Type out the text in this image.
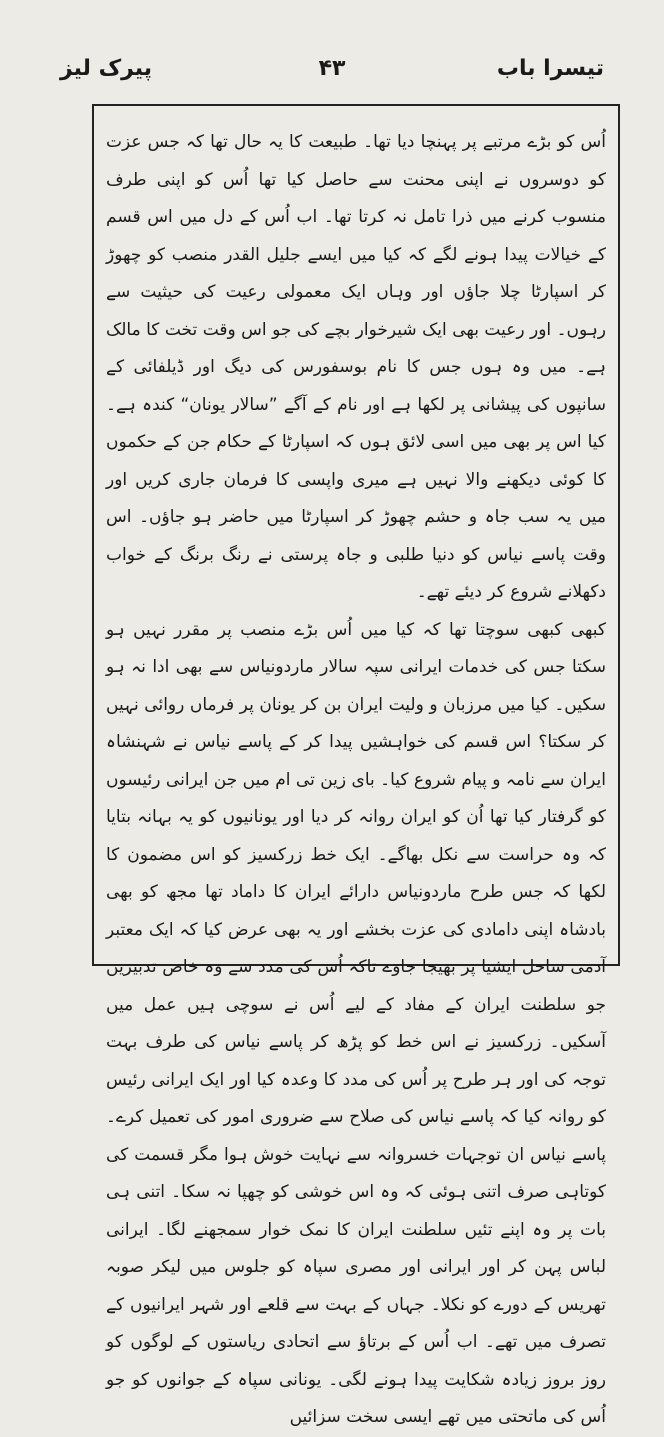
تیسرا باب
۴۳
پیرک لیز

اُس کو بڑے مرتبے پر پہنچا دیا تھا۔ طبیعت کا یہ حال تھا کہ جس عزت کو دوسروں نے اپنی محنت سے حاصل کیا تھا اُس کو اپنی طرف منسوب کرنے میں ذرا تامل نہ کرتا تھا۔ اب اُس کے دل میں اس قسم کے خیالات پیدا ہونے لگے کہ کیا میں ایسے جلیل القدر منصب کو چھوڑ کر اسپارٹا چلا جاؤں اور وہاں ایک معمولی رعیت کی حیثیت سے رہوں۔ اور رعیت بھی ایک شیرخوار بچے کی جو اس وقت تخت کا مالک ہے۔ میں وہ ہوں جس کا نام بوسفورس کی دیگ اور ڈیلفائی کے سانپوں کی پیشانی پر لکھا ہے اور نام کے آگے ”سالار یونان“ کندہ ہے۔ کیا اس پر بھی میں اسی لائق ہوں کہ اسپارٹا کے حکام جن کے حکموں کا کوئی دیکھنے والا نہیں ہے میری واپسی کا فرمان جاری کریں اور میں یہ سب جاہ و حشم چھوڑ کر اسپارٹا میں حاضر ہو جاؤں۔ اس وقت پاسے نیاس کو دنیا طلبی و جاہ پرستی نے رنگ برنگ کے خواب دکھلانے شروع کر دیئے تھے۔

کبھی کبھی سوچتا تھا کہ کیا میں اُس بڑے منصب پر مقرر نہیں ہو سکتا جس کی خدمات ایرانی سپہ سالار ماردونیاس سے بھی ادا نہ ہو سکیں۔ کیا میں مرزبان و ولیت ایران بن کر یونان پر فرماں روائی نہیں کر سکتا؟ اس قسم کی خواہشیں پیدا کر کے پاسے نیاس نے شہنشاہ ایران سے نامہ و پیام شروع کیا۔ بای زین تی ام میں جن ایرانی رئیسوں کو گرفتار کیا تھا اُن کو ایران روانہ کر دیا اور یونانیوں کو یہ بہانہ بتایا کہ وہ حراست سے نکل بھاگے۔ ایک خط زرکسیز کو اس مضمون کا لکھا کہ جس طرح ماردونیاس دارائے ایران کا داماد تھا مجھ کو بھی بادشاہ اپنی دامادی کی عزت بخشے اور یہ بھی عرض کیا کہ ایک معتبر آدمی ساحل ایشیا پر بھیجا جاوے تاکہ اُس کی مدد سے وہ خاص تدبیریں جو سلطنت ایران کے مفاد کے لیے اُس نے سوچی ہیں عمل میں آسکیں۔ زرکسیز نے اس خط کو پڑھ کر پاسے نیاس کی طرف بہت توجہ کی اور ہر طرح پر اُس کی مدد کا وعدہ کیا اور ایک ایرانی رئیس کو روانہ کیا کہ پاسے نیاس کی صلاح سے ضروری امور کی تعمیل کرے۔ پاسے نیاس ان توجہات خسروانہ سے نہایت خوش ہوا مگر قسمت کی کوتاہی صرف اتنی ہوئی کہ وہ اس خوشی کو چھپا نہ سکا۔ اتنی ہی بات پر وہ اپنے تئیں سلطنت ایران کا نمک خوار سمجھنے لگا۔ ایرانی لباس پہن کر اور ایرانی اور مصری سپاہ کو جلوس میں لیکر صوبہ تھریس کے دورے کو نکلا۔ جہاں کے بہت سے قلعے اور شہر ایرانیوں کے تصرف میں تھے۔ اب اُس کے برتاؤ سے اتحادی ریاستوں کے لوگوں کو روز بروز زیادہ شکایت پیدا ہونے لگی۔ یونانی سپاہ کے جوانوں کو جو اُس کی ماتحتی میں تھے ایسی سخت سزائیں
